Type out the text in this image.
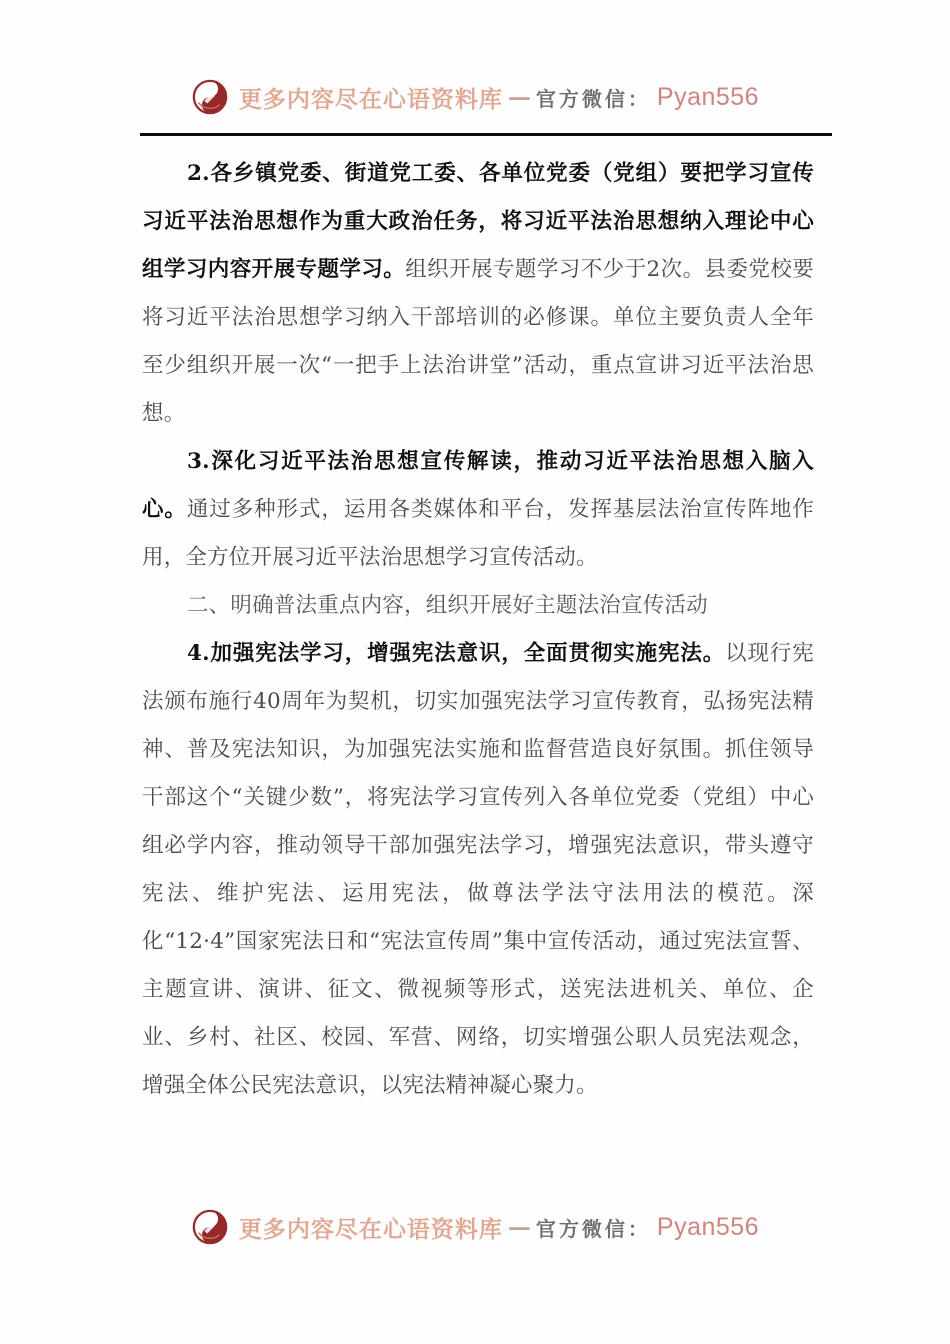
更多内容尽在心语资料库 — 官方微信： Pyan556

2.各乡镇党委、街道党工委、各单位党委（党组）要把学习宣传习近平法治思想作为重大政治任务，将习近平法治思想纳入理论中心组学习内容开展专题学习。组织开展专题学习不少于2次。县委党校要将习近平法治思想学习纳入干部培训的必修课。单位主要负责人全年至少组织开展一次“一把手上法治讲堂”活动，重点宣讲习近平法治思想。

3.深化习近平法治思想宣传解读，推动习近平法治思想入脑入心。通过多种形式，运用各类媒体和平台，发挥基层法治宣传阵地作用，全方位开展习近平法治思想学习宣传活动。

二、明确普法重点内容，组织开展好主题法治宣传活动

4.加强宪法学习，增强宪法意识，全面贯彻实施宪法。以现行宪法颁布施行40周年为契机，切实加强宪法学习宣传教育，弘扬宪法精神、普及宪法知识，为加强宪法实施和监督营造良好氛围。抓住领导干部这个“关键少数”，将宪法学习宣传列入各单位党委（党组）中心组必学内容，推动领导干部加强宪法学习，增强宪法意识，带头遵守宪法、维护宪法、运用宪法，做尊法学法守法用法的模范。深化“12·4”国家宪法日和“宪法宣传周”集中宣传活动，通过宪法宣誓、主题宣讲、演讲、征文、微视频等形式，送宪法进机关、单位、企业、乡村、社区、校园、军营、网络，切实增强公职人员宪法观念，增强全体公民宪法意识，以宪法精神凝心聚力。

更多内容尽在心语资料库 — 官方微信： Pyan556
